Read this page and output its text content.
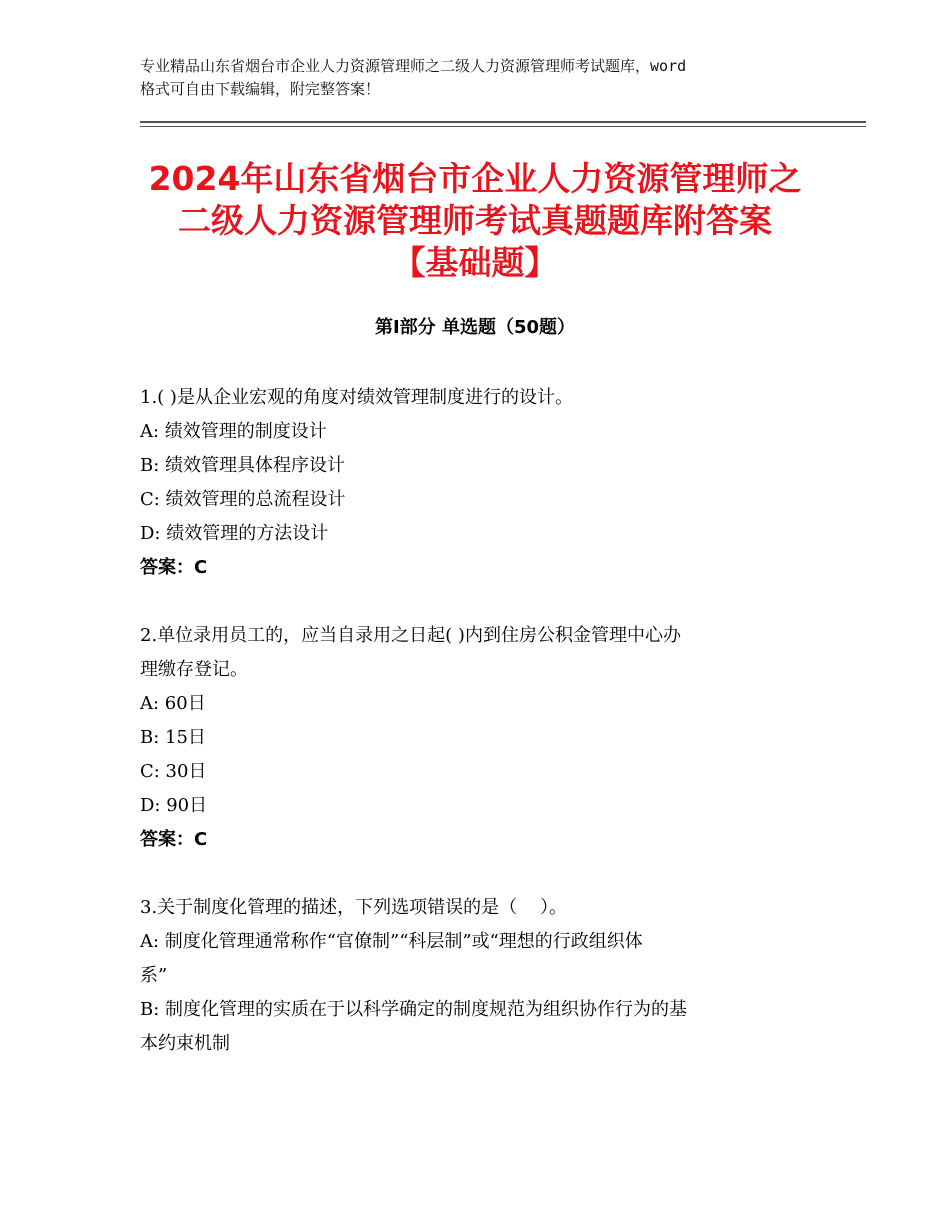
专业精品山东省烟台市企业人力资源管理师之二级人力资源管理师考试题库，word
格式可自由下载编辑，附完整答案！
2024年山东省烟台市企业人力资源管理师之
二级人力资源管理师考试真题题库附答案
【基础题】
第Ⅰ部分 单选题（50题）
1.( )是从企业宏观的角度对绩效管理制度进行的设计。
A: 绩效管理的制度设计
B: 绩效管理具体程序设计
C: 绩效管理的总流程设计
D: 绩效管理的方法设计
答案：C
2.单位录用员工的，应当自录用之日起( )内到住房公积金管理中心办
理缴存登记。
A: 60日
B: 15日
C: 30日
D: 90日
答案：C
3.关于制度化管理的描述，下列选项错误的是（    ）。
A: 制度化管理通常称作“官僚制”“科层制”或“理想的行政组织体
系”
B: 制度化管理的实质在于以科学确定的制度规范为组织协作行为的基
本约束机制
